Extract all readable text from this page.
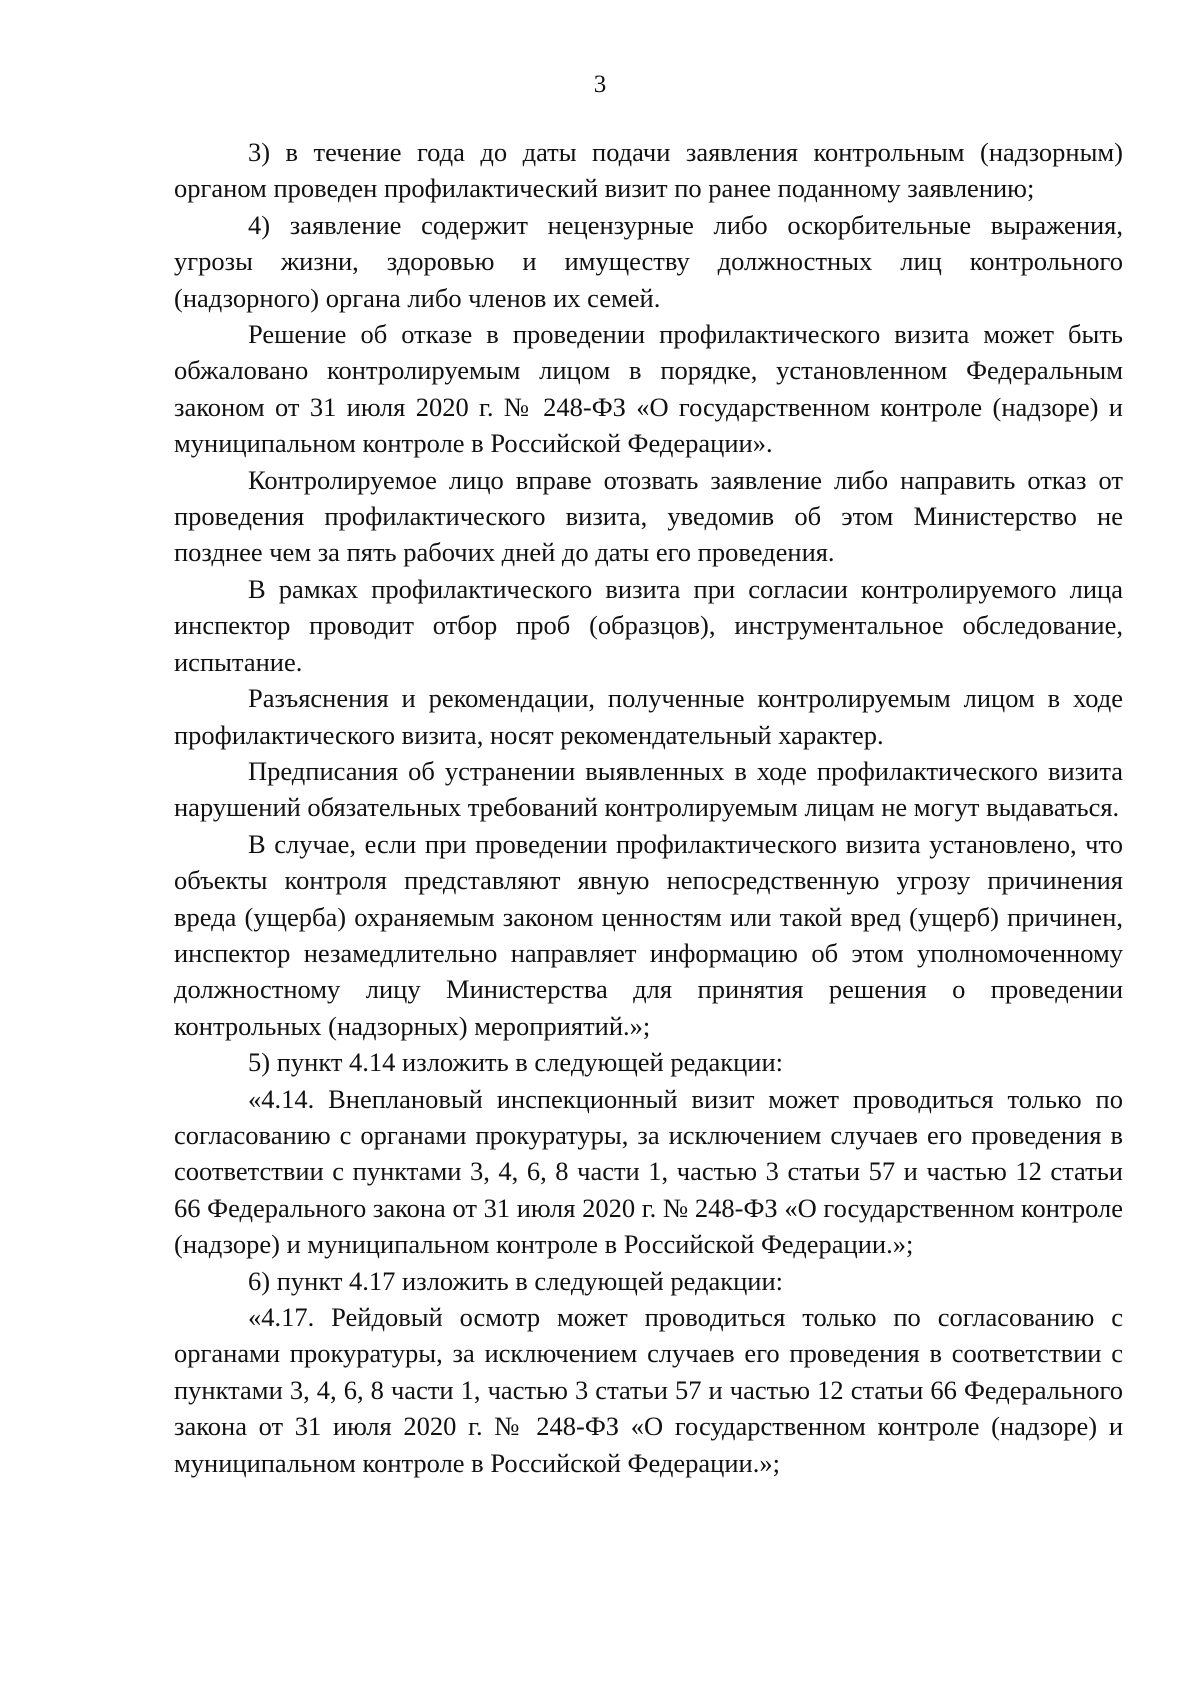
3

3) в течение года до даты подачи заявления контрольным (надзорным) органом проведен профилактический визит по ранее поданному заявлению;

4) заявление содержит нецензурные либо оскорбительные выражения, угрозы жизни, здоровью и имуществу должностных лиц контрольного (надзорного) органа либо членов их семей.

Решение об отказе в проведении профилактического визита может быть обжаловано контролируемым лицом в порядке, установленном Федеральным законом от 31 июля 2020 г. № 248-ФЗ «О государственном контроле (надзоре) и муниципальном контроле в Российской Федерации».

Контролируемое лицо вправе отозвать заявление либо направить отказ от проведения профилактического визита, уведомив об этом Министерство не позднее чем за пять рабочих дней до даты его проведения.

В рамках профилактического визита при согласии контролируемого лица инспектор проводит отбор проб (образцов), инструментальное обследование, испытание.

Разъяснения и рекомендации, полученные контролируемым лицом в ходе профилактического визита, носят рекомендательный характер.

Предписания об устранении выявленных в ходе профилактического визита нарушений обязательных требований контролируемым лицам не могут выдаваться.

В случае, если при проведении профилактического визита установлено, что объекты контроля представляют явную непосредственную угрозу причинения вреда (ущерба) охраняемым законом ценностям или такой вред (ущерб) причинен, инспектор незамедлительно направляет информацию об этом уполномоченному должностному лицу Министерства для принятия решения о проведении контрольных (надзорных) мероприятий.»;

5) пункт 4.14 изложить в следующей редакции:

«4.14. Внеплановый инспекционный визит может проводиться только по согласованию с органами прокуратуры, за исключением случаев его проведения в соответствии с пунктами 3, 4, 6, 8 части 1, частью 3 статьи 57 и частью 12 статьи 66 Федерального закона от 31 июля 2020 г. № 248-ФЗ «О государственном контроле (надзоре) и муниципальном контроле в Российской Федерации.»;

6) пункт 4.17 изложить в следующей редакции:

«4.17. Рейдовый осмотр может проводиться только по согласованию с органами прокуратуры, за исключением случаев его проведения в соответствии с пунктами 3, 4, 6, 8 части 1, частью 3 статьи 57 и частью 12 статьи 66 Федерального закона от 31 июля 2020 г. № 248-ФЗ «О государственном контроле (надзоре) и муниципальном контроле в Российской Федерации.»;
